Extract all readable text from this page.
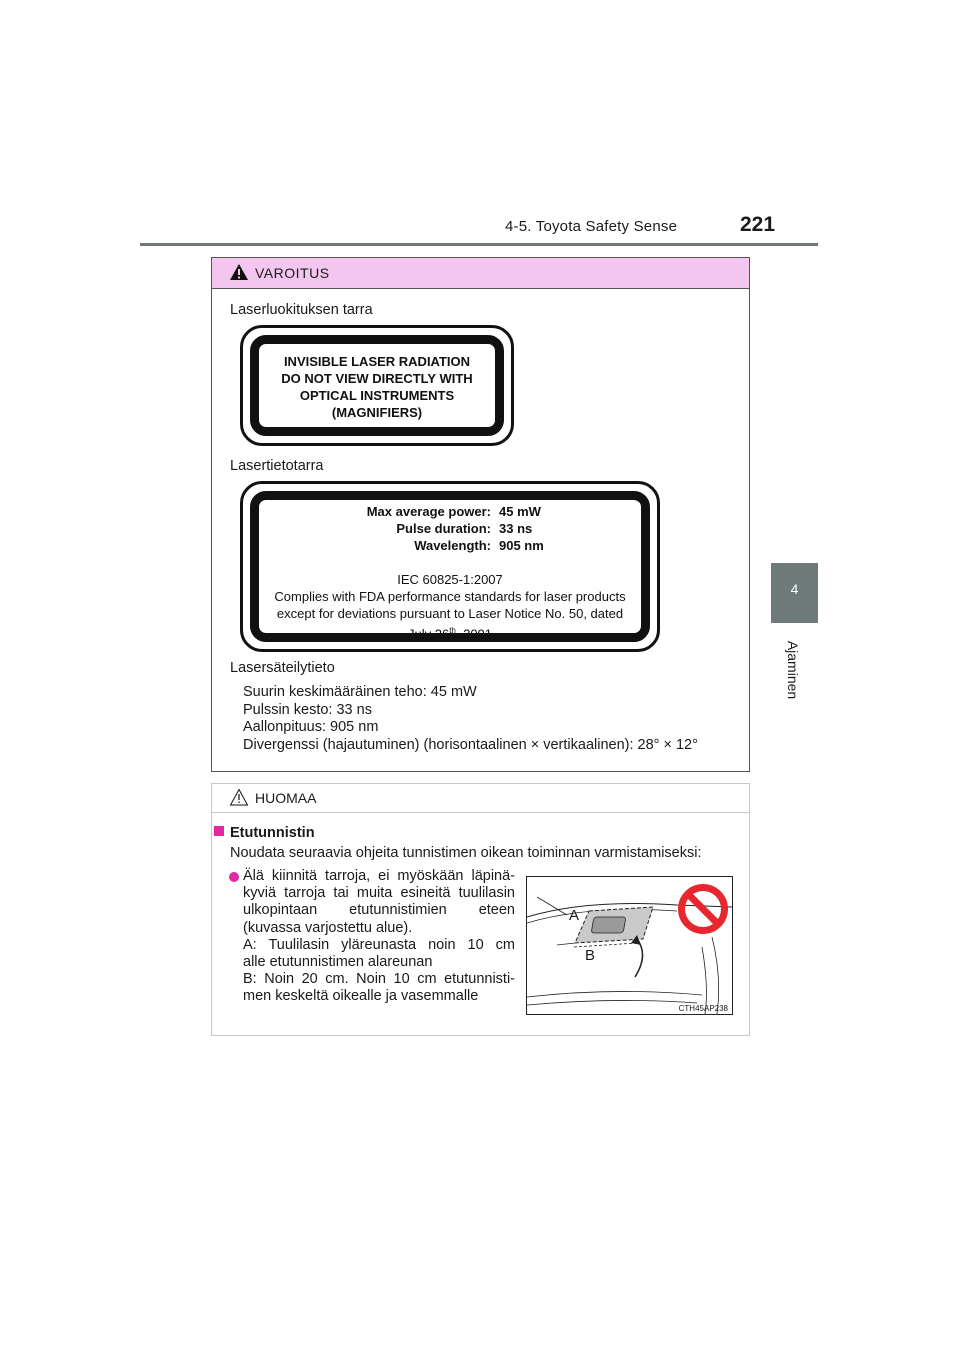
4-5. Toyota Safety Sense	221
4
Ajaminen
VAROITUS
Laserluokituksen tarra
INVISIBLE LASER RADIATION
DO NOT VIEW DIRECTLY WITH
OPTICAL INSTRUMENTS
(MAGNIFIERS)
Lasertietotarra
Max average power: 45 mW
Pulse duration: 33 ns
Wavelength: 905 nm
IEC 60825-1:2007
Complies with FDA performance standards for laser products
except for deviations pursuant to Laser Notice No. 50, dated
July 26th, 2001
Lasersäteilytieto
Suurin keskimääräinen teho: 45 mW
Pulssin kesto: 33 ns
Aallonpituus: 905 nm
Divergenssi (hajautuminen) (horisontaalinen × vertikaalinen): 28° × 12°
HUOMAA
Etutunnistin
Noudata seuraavia ohjeita tunnistimen oikean toiminnan varmistamiseksi:
Älä kiinnitä tarroja, ei myöskään läpinä-
kyviä tarroja tai muita esineitä tuulilasin
ulkopintaan etutunnistimien eteen
(kuvassa varjostettu alue).
A: Tuulilasin yläreunasta noin 10 cm
alle etutunnistimen alareunan
B: Noin 20 cm. Noin 10 cm etutunnisti-
men keskeltä oikealle ja vasemmalle
A
B
CTH45AP238
